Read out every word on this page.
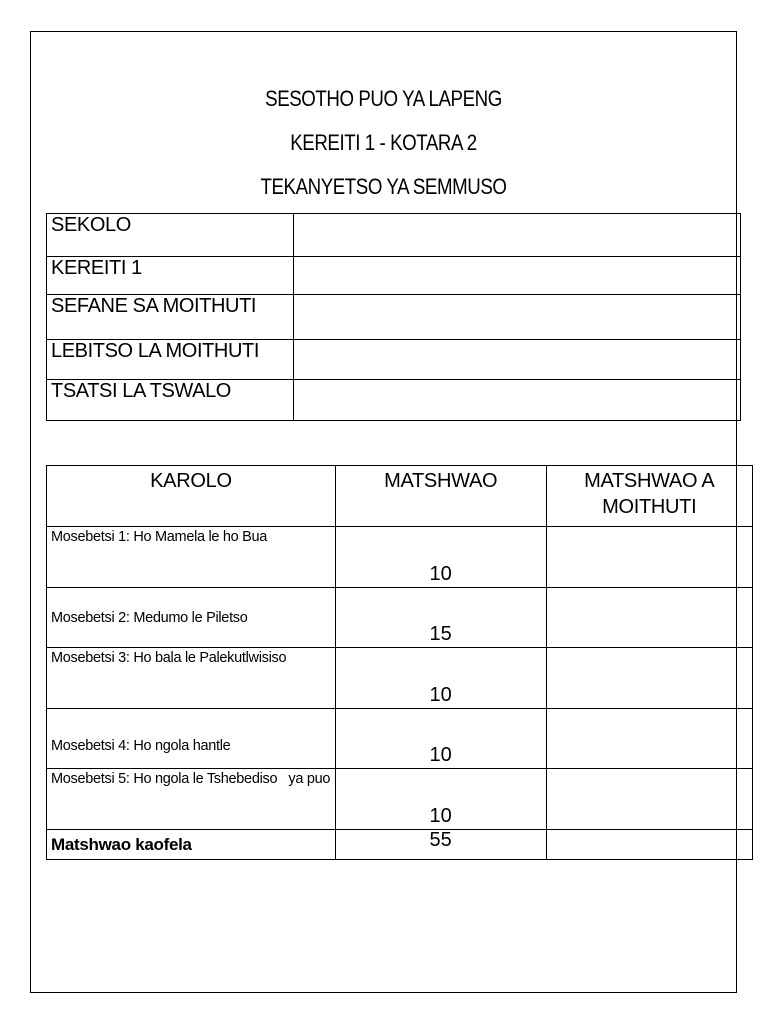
SESOTHO PUO YA LAPENG
KEREITI 1 - KOTARA 2
TEKANYETSO YA SEMMUSO
SEKOLO	
KEREITI 1	
SEFANE SA MOITHUTI	
LEBITSO LA MOITHUTI	
TSATSI LA TSWALO	
KAROLO	MATSHWAO	MATSHWAO A MOITHUTI
Mosebetsi 1: Ho Mamela le ho Bua	10	
Mosebetsi 2: Medumo le Piletso	15	
Mosebetsi 3: Ho bala le Palekutlwisiso	10	
Mosebetsi 4: Ho ngola hantle	10	
Mosebetsi 5: Ho ngola le Tshebediso   ya puo	10	
Matshwao kaofela	55	
